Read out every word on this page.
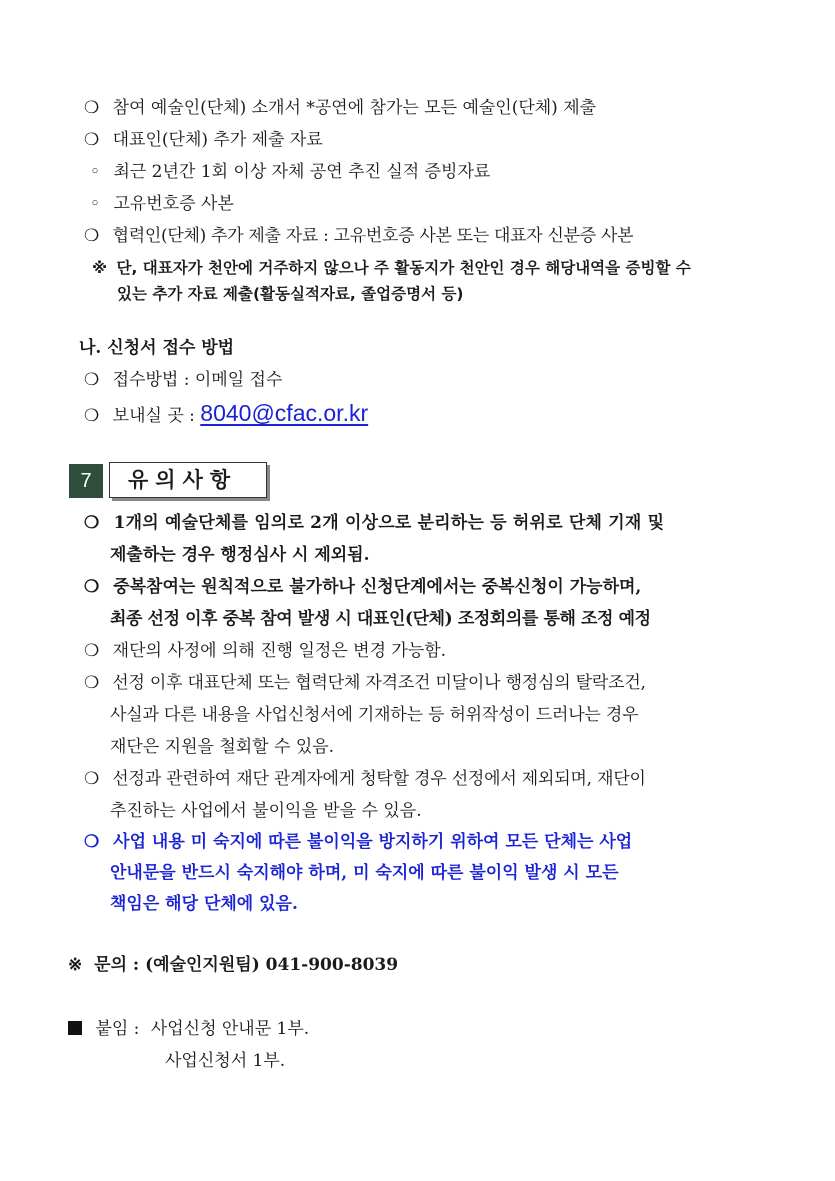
❍ 참여 예술인(단체) 소개서 *공연에 참가는 모든 예술인(단체) 제출
❍ 대표인(단체) 추가 제출 자료
◦ 최근 2년간 1회 이상 자체 공연 추진 실적 증빙자료
◦ 고유번호증 사본
❍ 협력인(단체) 추가 제출 자료 : 고유번호증 사본 또는 대표자 신분증 사본
※ 단, 대표자가 천안에 거주하지 않으나 주 활동지가 천안인 경우 해당내역을 증빙할 수
있는 추가 자료 제출(활동실적자료, 졸업증명서 등)
나. 신청서 접수 방법
❍ 접수방법 : 이메일 접수
❍ 보내실 곳 : 8040@cfac.or.kr
7	유의사항
❍ 1개의 예술단체를 임의로 2개 이상으로 분리하는 등 허위로 단체 기재 및
제출하는 경우 행정심사 시 제외됨.
❍ 중복참여는 원칙적으로 불가하나 신청단계에서는 중복신청이 가능하며,
최종 선정 이후 중복 참여 발생 시 대표인(단체) 조정회의를 통해 조정 예정
❍ 재단의 사정에 의해 진행 일정은 변경 가능함.
❍ 선정 이후 대표단체 또는 협력단체 자격조건 미달이나 행정심의 탈락조건,
사실과 다른 내용을 사업신청서에 기재하는 등 허위작성이 드러나는 경우
재단은 지원을 철회할 수 있음.
❍ 선정과 관련하여 재단 관계자에게 청탁할 경우 선정에서 제외되며, 재단이
추진하는 사업에서 불이익을 받을 수 있음.
❍ 사업 내용 미 숙지에 따른 불이익을 방지하기 위하여 모든 단체는 사업
안내문을 반드시 숙지해야 하며, 미 숙지에 따른 불이익 발생 시 모든
책임은 해당 단체에 있음.
※ 문의 : (예술인지원팀) 041-900-8039
붙임 : 사업신청 안내문 1부.
사업신청서 1부.
